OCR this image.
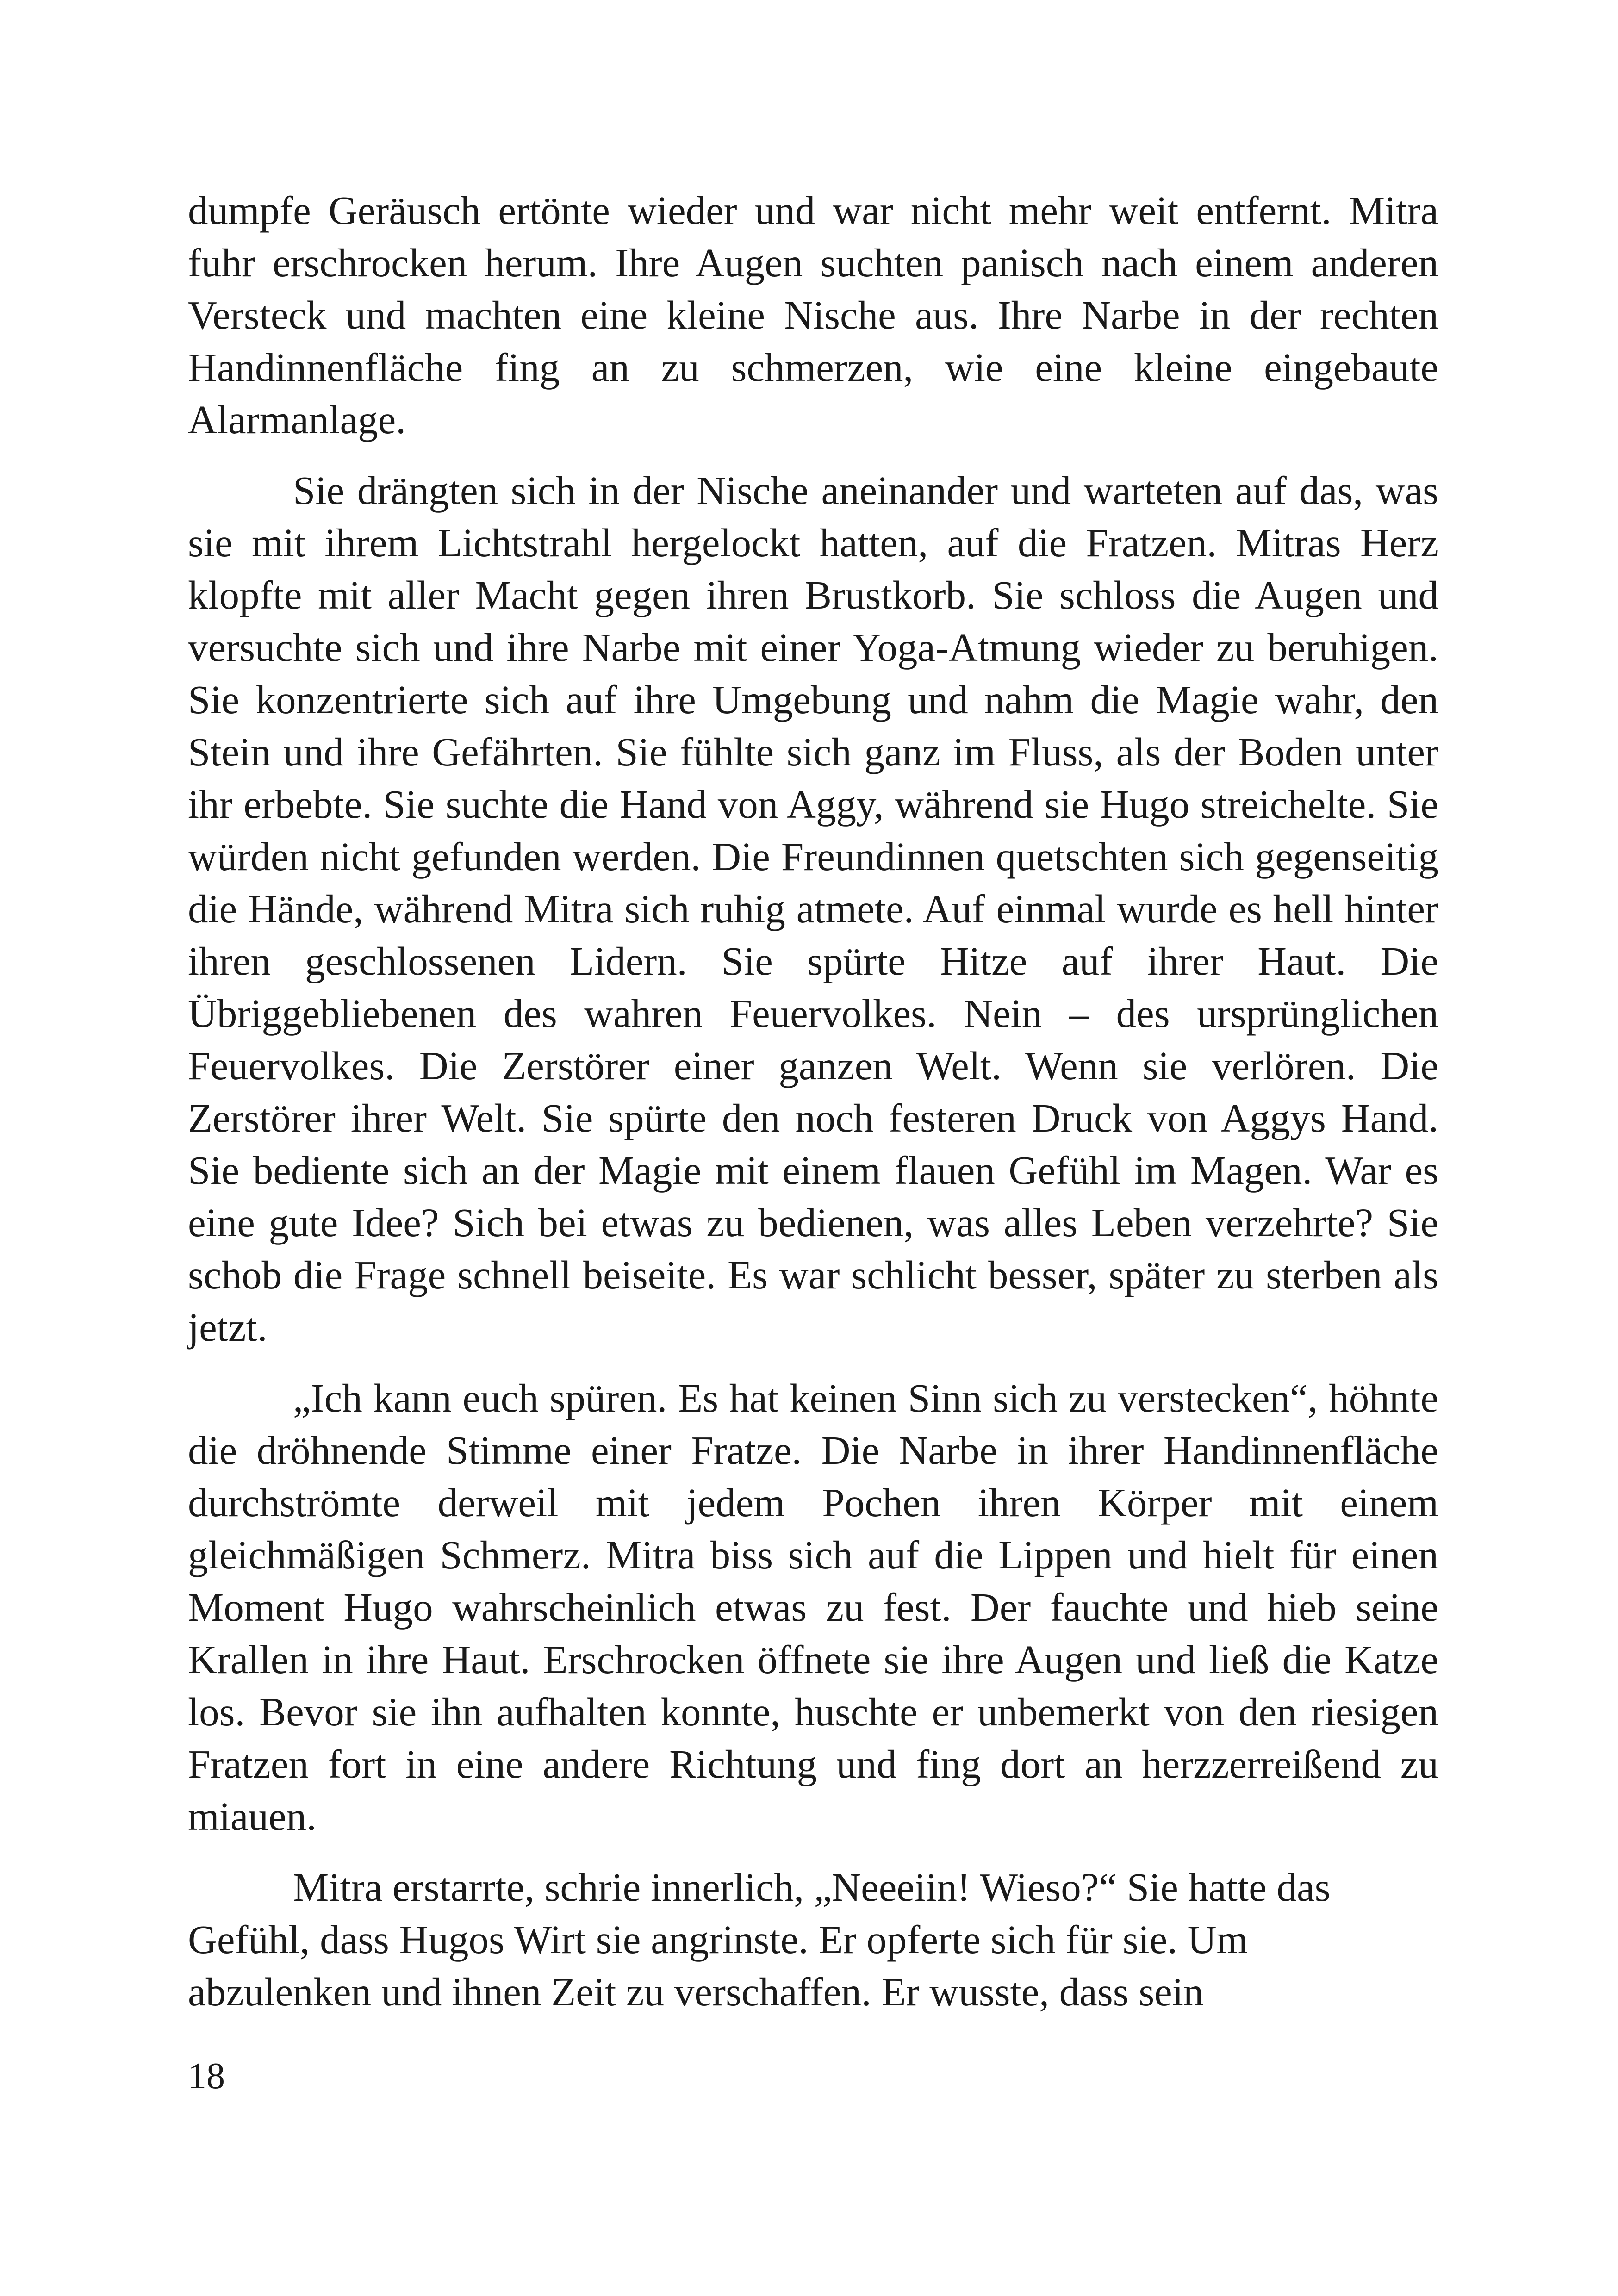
dumpfe Geräusch ertönte wieder und war nicht mehr weit entfernt. Mitra fuhr erschrocken herum. Ihre Augen suchten panisch nach einem anderen Versteck und machten eine kleine Nische aus. Ihre Narbe in der rechten Handinnenfläche fing an zu schmerzen, wie eine kleine eingebaute Alarmanlage.

Sie drängten sich in der Nische aneinander und warteten auf das, was sie mit ihrem Lichtstrahl hergelockt hatten, auf die Fratzen. Mitras Herz klopfte mit aller Macht gegen ihren Brustkorb. Sie schloss die Augen und versuchte sich und ihre Narbe mit einer Yoga-Atmung wieder zu beruhigen. Sie konzentrierte sich auf ihre Umgebung und nahm die Magie wahr, den Stein und ihre Gefährten. Sie fühlte sich ganz im Fluss, als der Boden unter ihr erbebte. Sie suchte die Hand von Aggy, während sie Hugo streichelte. Sie würden nicht gefunden werden. Die Freundinnen quetschten sich gegenseitig die Hände, während Mitra sich ruhig atmete. Auf einmal wurde es hell hinter ihren geschlossenen Lidern. Sie spürte Hitze auf ihrer Haut. Die Übriggebliebenen des wahren Feuervolkes. Nein – des ursprünglichen Feuervolkes. Die Zerstörer einer ganzen Welt. Wenn sie verlören. Die Zerstörer ihrer Welt. Sie spürte den noch festeren Druck von Aggys Hand. Sie bediente sich an der Magie mit einem flauen Gefühl im Magen. War es eine gute Idee? Sich bei etwas zu bedienen, was alles Leben verzehrte? Sie schob die Frage schnell beiseite. Es war schlicht besser, später zu sterben als jetzt.

„Ich kann euch spüren. Es hat keinen Sinn sich zu verstecken“, höhnte die dröhnende Stimme einer Fratze. Die Narbe in ihrer Handinnenfläche durchströmte derweil mit jedem Pochen ihren Körper mit einem gleichmäßigen Schmerz. Mitra biss sich auf die Lippen und hielt für einen Moment Hugo wahrscheinlich etwas zu fest. Der fauchte und hieb seine Krallen in ihre Haut. Erschrocken öffnete sie ihre Augen und ließ die Katze los. Bevor sie ihn aufhalten konnte, huschte er unbemerkt von den riesigen Fratzen fort in eine andere Richtung und fing dort an herzzerreißend zu miauen.

Mitra erstarrte, schrie innerlich, „Neeeiin! Wieso?“ Sie hatte das Gefühl, dass Hugos Wirt sie angrinste. Er opferte sich für sie. Um abzulenken und ihnen Zeit zu verschaffen. Er wusste, dass sein

18
